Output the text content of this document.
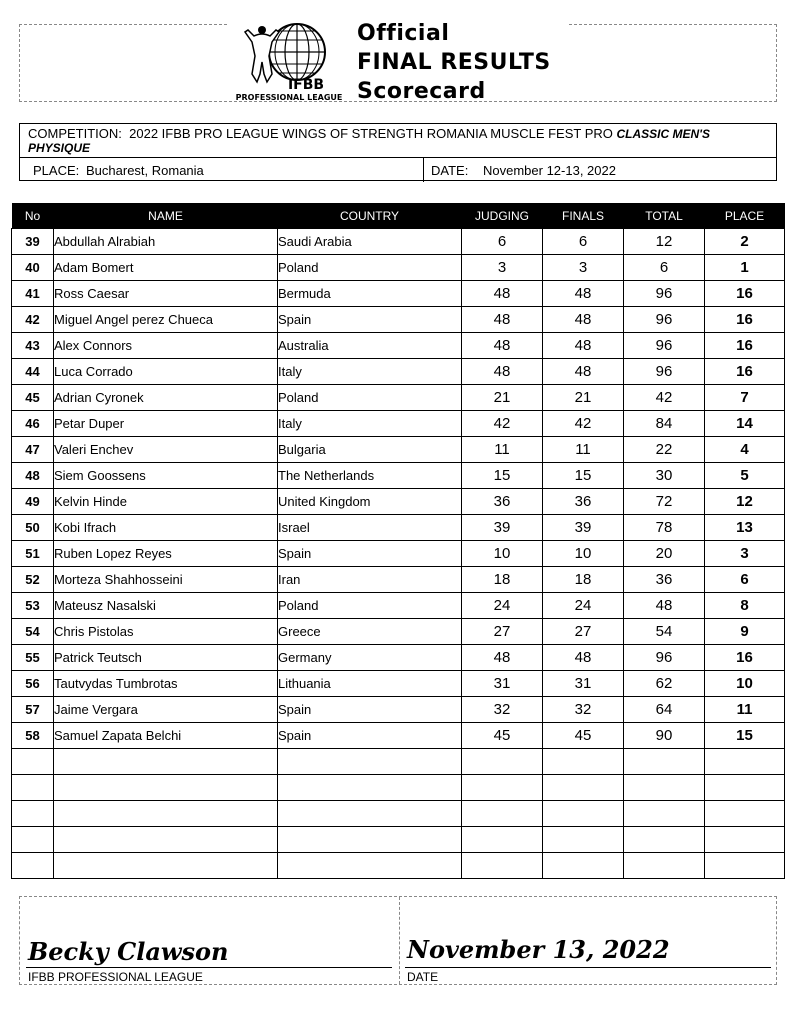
IFBB
PROFESSIONAL LEAGUE
Official
FINAL RESULTS
Scorecard
COMPETITION: 2022 IFBB PRO LEAGUE WINGS OF STRENGTH ROMANIA MUSCLE FEST PRO CLASSIC MEN'S PHYSIQUE
PLACE: Bucharest, Romania	DATE: November 12-13, 2022
No	NAME	COUNTRY	JUDGING	FINALS	TOTAL	PLACE
39	Abdullah Alrabiah	Saudi Arabia	6	6	12	2
40	Adam Bomert	Poland	3	3	6	1
41	Ross Caesar	Bermuda	48	48	96	16
42	Miguel Angel perez Chueca	Spain	48	48	96	16
43	Alex Connors	Australia	48	48	96	16
44	Luca Corrado	Italy	48	48	96	16
45	Adrian Cyronek	Poland	21	21	42	7
46	Petar Duper	Italy	42	42	84	14
47	Valeri Enchev	Bulgaria	11	11	22	4
48	Siem Goossens	The Netherlands	15	15	30	5
49	Kelvin Hinde	United Kingdom	36	36	72	12
50	Kobi Ifrach	Israel	39	39	78	13
51	Ruben Lopez Reyes	Spain	10	10	20	3
52	Morteza Shahhosseini	Iran	18	18	36	6
53	Mateusz Nasalski	Poland	24	24	48	8
54	Chris Pistolas	Greece	27	27	54	9
55	Patrick Teutsch	Germany	48	48	96	16
56	Tautvydas Tumbrotas	Lithuania	31	31	62	10
57	Jaime Vergara	Spain	32	32	64	11
58	Samuel Zapata Belchi	Spain	45	45	90	15

Becky Clawson
IFBB PROFESSIONAL LEAGUE
November 13, 2022
DATE
